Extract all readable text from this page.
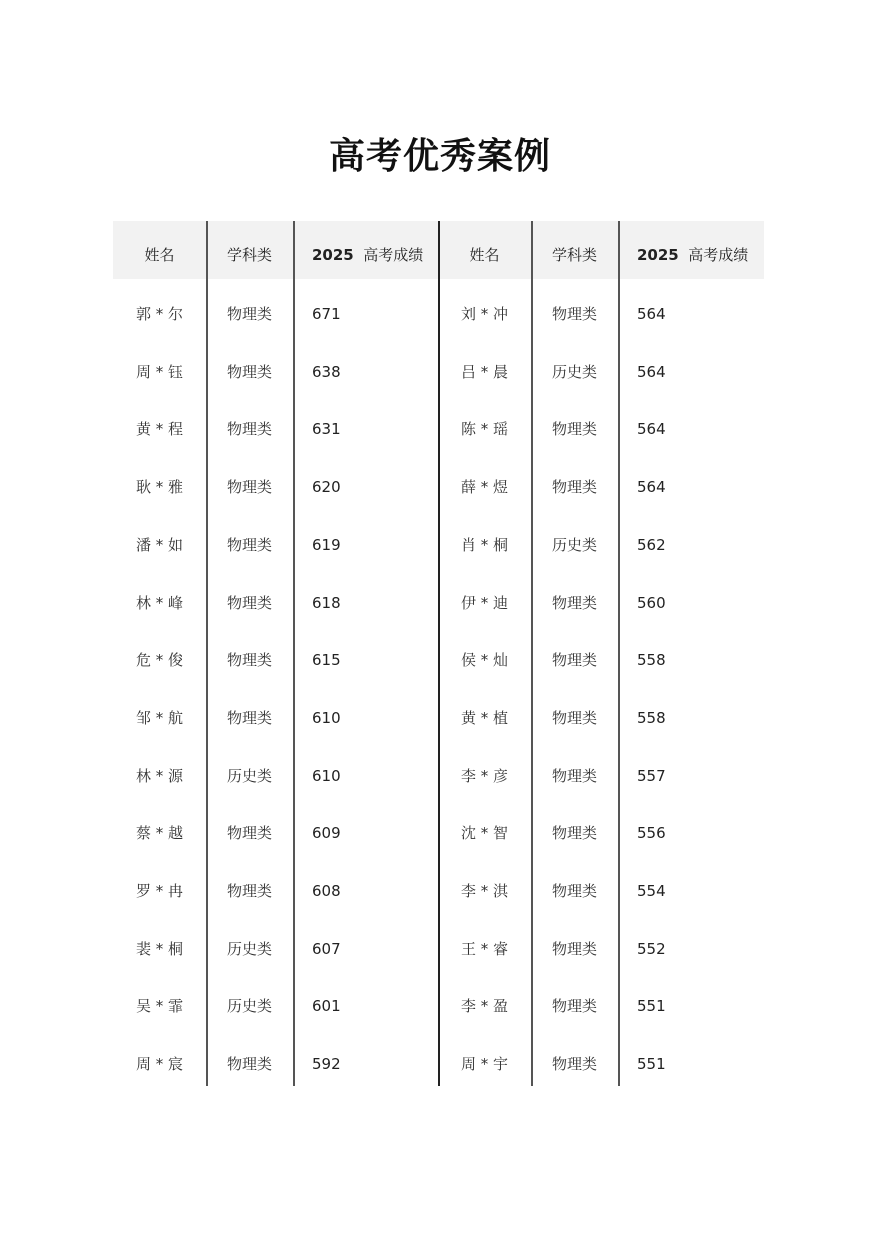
高考优秀案例
姓名	学科类	2025 高考成绩	姓名	学科类	2025 高考成绩
郭 * 尔	物理类	671	刘 * 冲	物理类	564
周 * 钰	物理类	638	吕 * 晨	历史类	564
黄 * 程	物理类	631	陈 * 瑶	物理类	564
耿 * 雅	物理类	620	薛 * 煜	物理类	564
潘 * 如	物理类	619	肖 * 桐	历史类	562
林 * 峰	物理类	618	伊 * 迪	物理类	560
危 * 俊	物理类	615	侯 * 灿	物理类	558
邹 * 航	物理类	610	黄 * 植	物理类	558
林 * 源	历史类	610	李 * 彦	物理类	557
蔡 * 越	物理类	609	沈 * 智	物理类	556
罗 * 冉	物理类	608	李 * 淇	物理类	554
裴 * 桐	历史类	607	王 * 睿	物理类	552
吴 * 霏	历史类	601	李 * 盈	物理类	551
周 * 宸	物理类	592	周 * 宇	物理类	551
